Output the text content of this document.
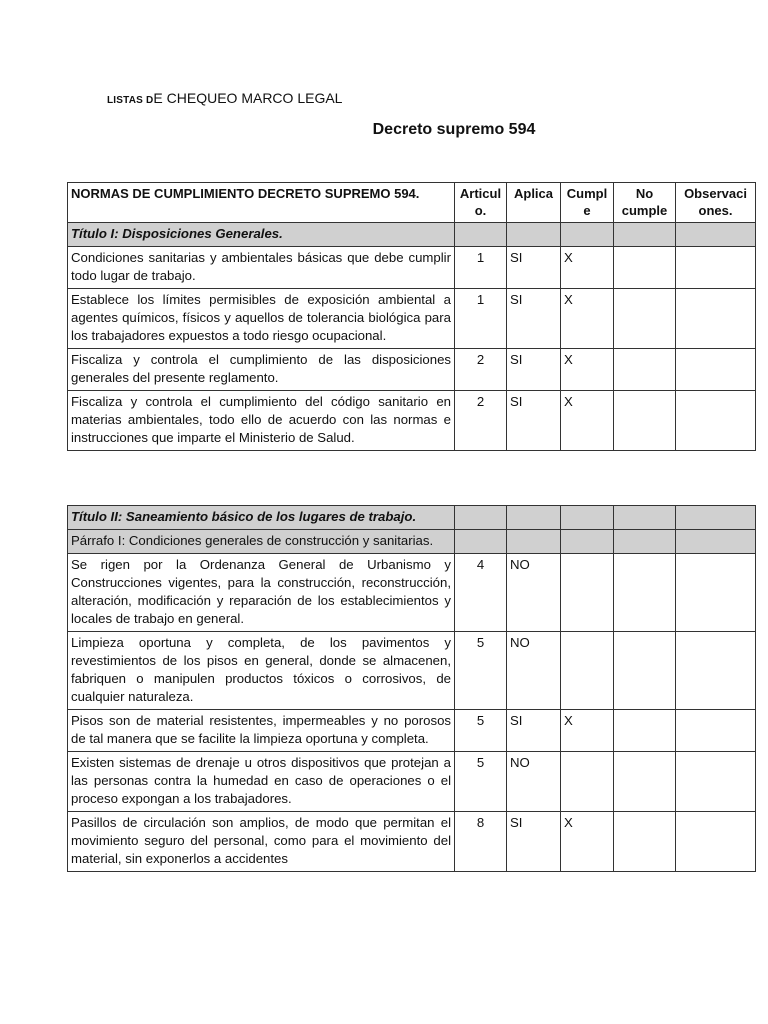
LISTAS DE CHEQUEO MARCO LEGAL
Decreto supremo 594
NORMAS DE CUMPLIMIENTO DECRETO SUPREMO 594.	Articul o.	Aplica	Cumpl e	No cumple	Observaci ones.
Título I: Disposiciones Generales.					
Condiciones sanitarias y ambientales básicas que debe cumplir todo lugar de trabajo.	1	SI	X		
Establece los límites permisibles de exposición ambiental a agentes químicos, físicos y aquellos de tolerancia biológica para los trabajadores expuestos a todo riesgo ocupacional.	1	SI	X		
Fiscaliza y controla el cumplimiento de las disposiciones generales del presente reglamento.	2	SI	X		
Fiscaliza y controla el cumplimiento del código sanitario en materias ambientales, todo ello de acuerdo con las normas e instrucciones que imparte el Ministerio de Salud.	2	SI	X		
Título II: Saneamiento básico de los lugares de trabajo.					
Párrafo I: Condiciones generales de construcción y sanitarias.					
Se rigen por la Ordenanza General de Urbanismo y Construcciones vigentes, para la construcción, reconstrucción, alteración, modificación y reparación de los establecimientos y locales de trabajo en general.	4	NO			
Limpieza oportuna y completa, de los pavimentos y revestimientos de los pisos en general, donde se almacenen, fabriquen o manipulen productos tóxicos o corrosivos, de cualquier naturaleza.	5	NO			
Pisos son de material resistentes, impermeables y no porosos de tal manera que se facilite la limpieza oportuna y completa.	5	SI	X		
Existen sistemas de drenaje u otros dispositivos que protejan a las personas contra la humedad en caso de operaciones o el proceso expongan a los trabajadores.	5	NO			
Pasillos de circulación son amplios, de modo que permitan el movimiento seguro del personal, como para el movimiento del material, sin exponerlos a accidentes	8	SI	X		
